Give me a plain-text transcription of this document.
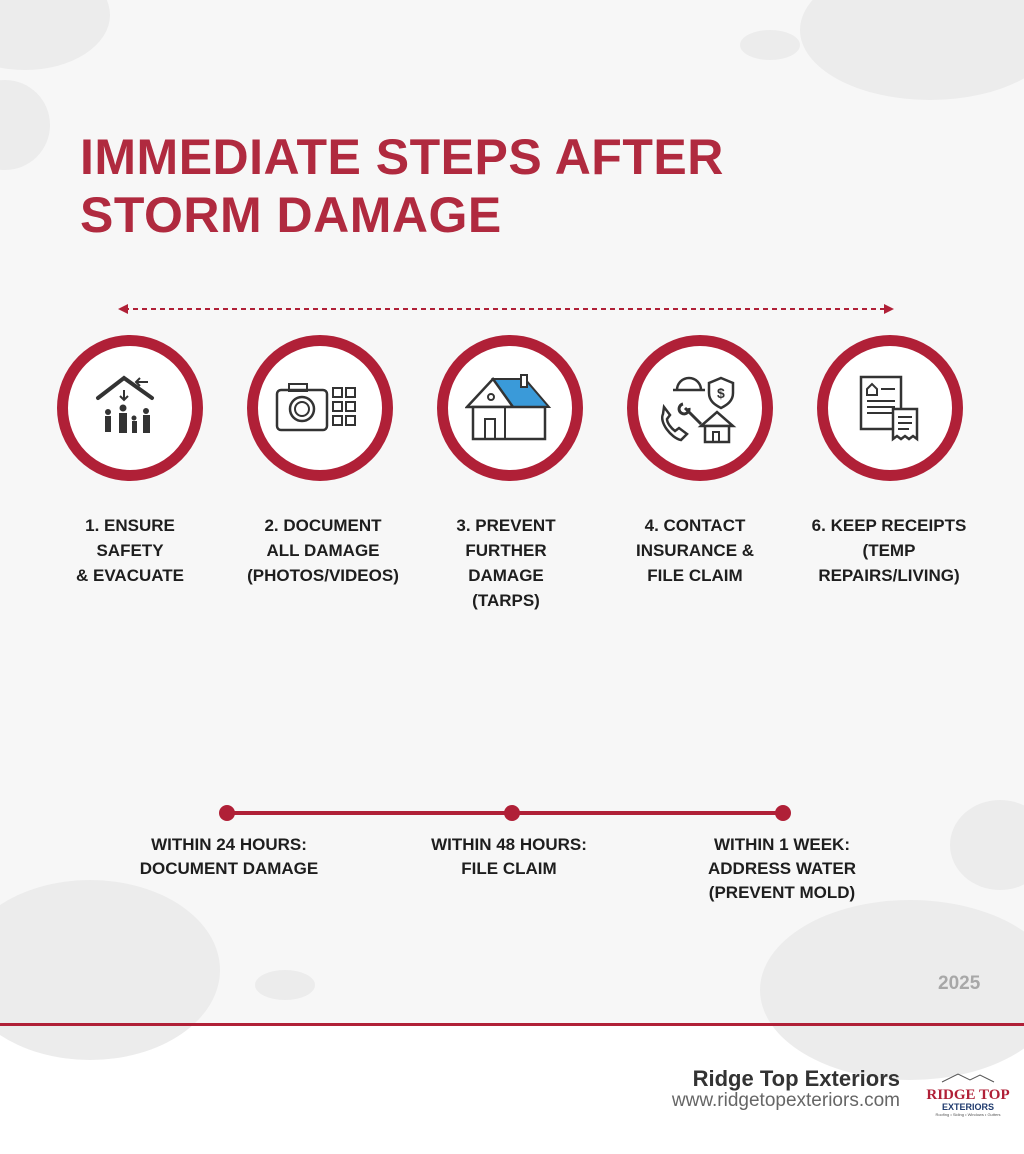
IMMEDIATE STEPS AFTER
STORM DAMAGE
$
1. ENSURE
SAFETY
& EVACUATE
2. DOCUMENT
ALL DAMAGE
(PHOTOS/VIDEOS)
3. PREVENT
FURTHER
DAMAGE
(TARPS)
4. CONTACT
INSURANCE &
FILE CLAIM
6. KEEP RECEIPTS
(TEMP
REPAIRS/LIVING)
WITHIN 24 HOURS:
DOCUMENT DAMAGE
WITHIN 48 HOURS:
FILE CLAIM
WITHIN 1 WEEK:
ADDRESS WATER
(PREVENT MOLD)
2025
Ridge Top Exteriors
www.ridgetopexteriors.com RIDGE TOP
EXTERIORS
Roofing • Siding • Windows • Gutters
